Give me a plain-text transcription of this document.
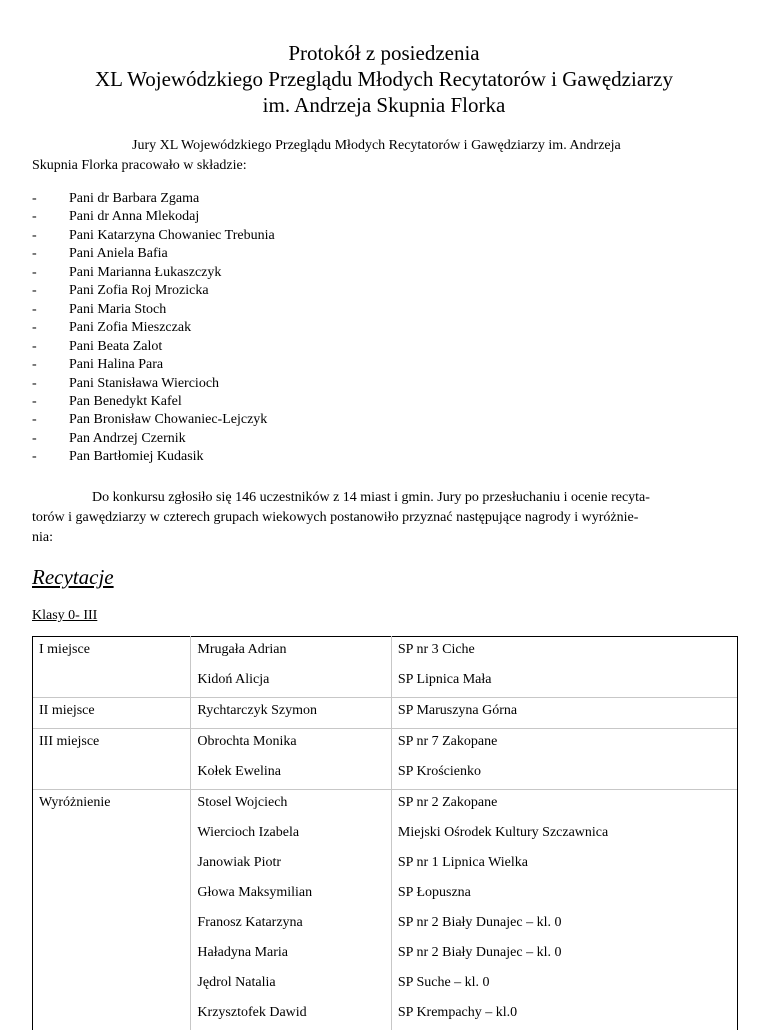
Protokół z posiedzenia
XL Wojewódzkiego Przeglądu Młodych Recytatorów i Gawędziarzy
im. Andrzeja Skupnia Florka
Jury XL Wojewódzkiego Przeglądu Młodych Recytatorów i Gawędziarzy im. Andrzeja
Skupnia Florka pracowało w składzie:
- Pani dr Barbara Zgama
- Pani dr Anna Mlekodaj
- Pani Katarzyna Chowaniec Trebunia
- Pani Aniela Bafia
- Pani Marianna Łukaszczyk
- Pani Zofia Roj Mrozicka
- Pani Maria Stoch
- Pani Zofia Mieszczak
- Pani Beata Zalot
- Pani Halina Para
- Pani Stanisława Wiercioch
- Pan Benedykt Kafel
- Pan Bronisław Chowaniec-Lejczyk
- Pan Andrzej Czernik
- Pan Bartłomiej Kudasik
Do konkursu zgłosiło się 146 uczestników z 14 miast i gmin. Jury po przesłuchaniu i ocenie recyta-
torów i gawędziarzy w czterech grupach wiekowych postanowiło przyznać następujące nagrody i wyróżnie-
nia:
Recytacje
Klasy 0- III
I miejsce	Mrugała Adrian	SP nr 3 Ciche
	Kidoń Alicja	SP Lipnica Mała
II miejsce	Rychtarczyk Szymon	SP Maruszyna Górna
III miejsce	Obrochta Monika	SP nr 7 Zakopane
	Kołek Ewelina	SP Krościenko
Wyróżnienie	Stosel Wojciech	SP nr 2 Zakopane
	Wiercioch Izabela	Miejski Ośrodek Kultury Szczawnica
	Janowiak Piotr	SP nr 1 Lipnica Wielka
	Głowa Maksymilian	SP Łopuszna
	Franosz Katarzyna	SP nr 2 Biały Dunajec – kl. 0
	Haładyna Maria	SP nr 2 Biały Dunajec – kl. 0
	Jędrol Natalia	SP Suche – kl. 0
	Krzysztofek Dawid	SP Krempachy – kl.0
